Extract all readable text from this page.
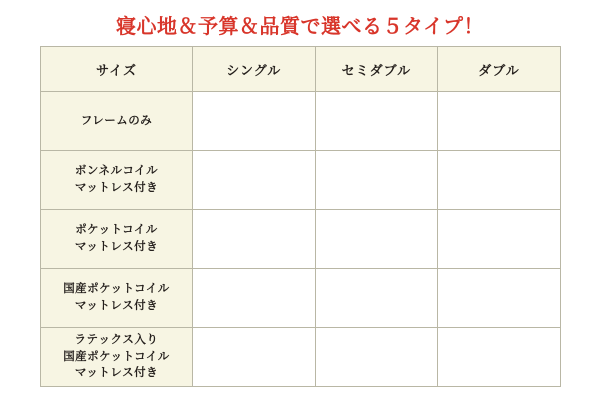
寝心地＆予算＆品質で選べる５タイプ！
サイズ	シングル	セミダブル	ダブル

フレームのみ			

ボンネルコイル
マットレス付き			

ポケットコイル
マットレス付き			

国産ポケットコイル
マットレス付き			

ラテックス入り
国産ポケットコイル
マットレス付き			
